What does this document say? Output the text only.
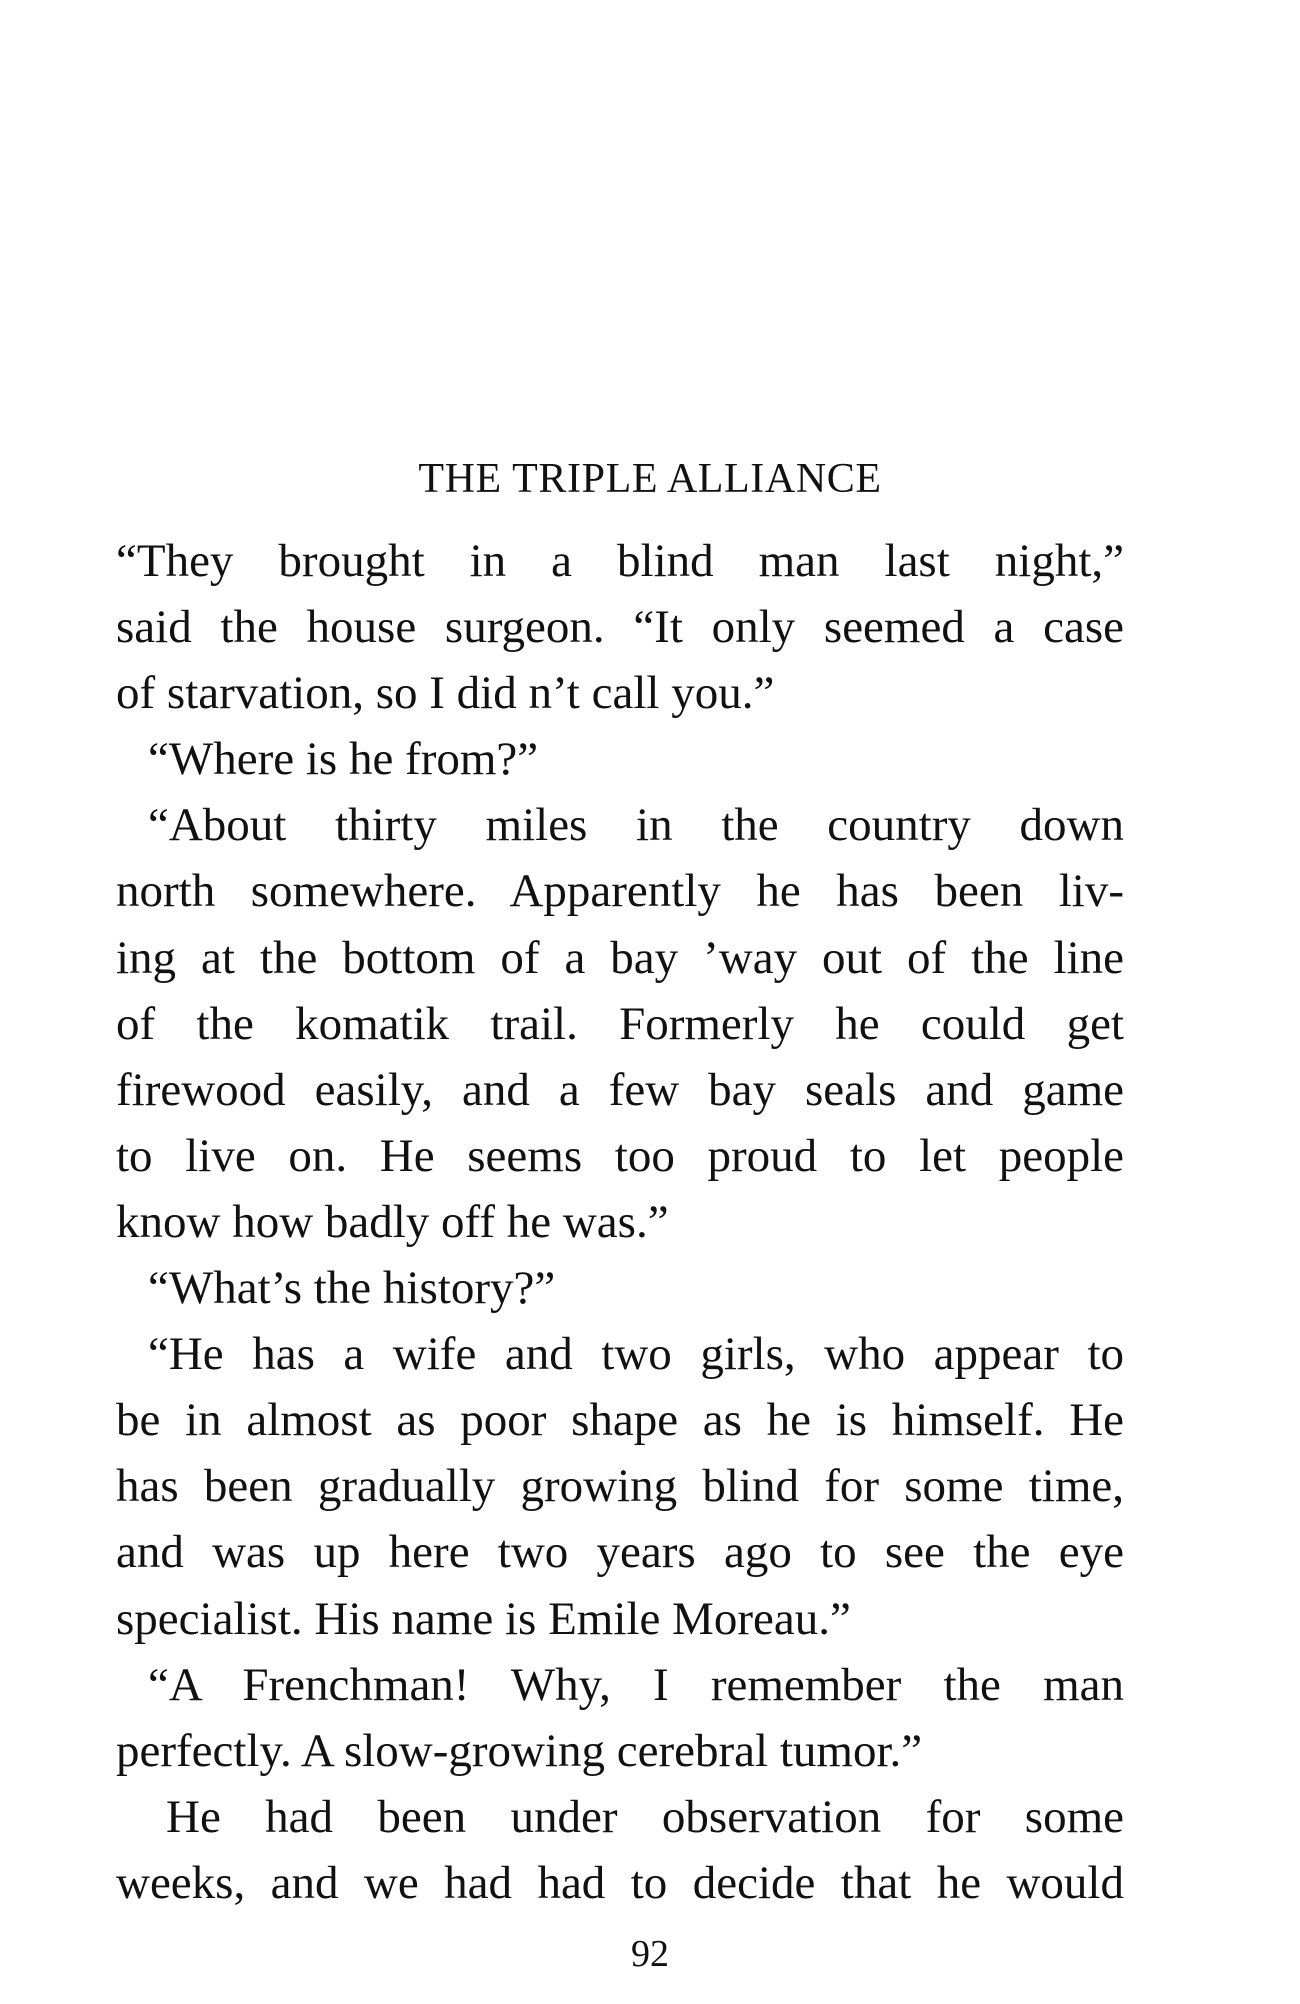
THE TRIPLE ALLIANCE
“They brought in a blind man last night,”
said the house surgeon. “It only seemed a case
of starvation, so I did n’t call you.”
“Where is he from?”
“About thirty miles in the country down
north somewhere. Apparently he has been liv-
ing at the bottom of a bay ’way out of the line
of the komatik trail. Formerly he could get
firewood easily, and a few bay seals and game
to live on. He seems too proud to let people
know how badly off he was.”
“What’s the history?”
“He has a wife and two girls, who appear to
be in almost as poor shape as he is himself. He
has been gradually growing blind for some time,
and was up here two years ago to see the eye
specialist. His name is Emile Moreau.”
“A Frenchman! Why, I remember the man
perfectly. A slow-growing cerebral tumor.”
He had been under observation for some
weeks, and we had had to decide that he would
92
